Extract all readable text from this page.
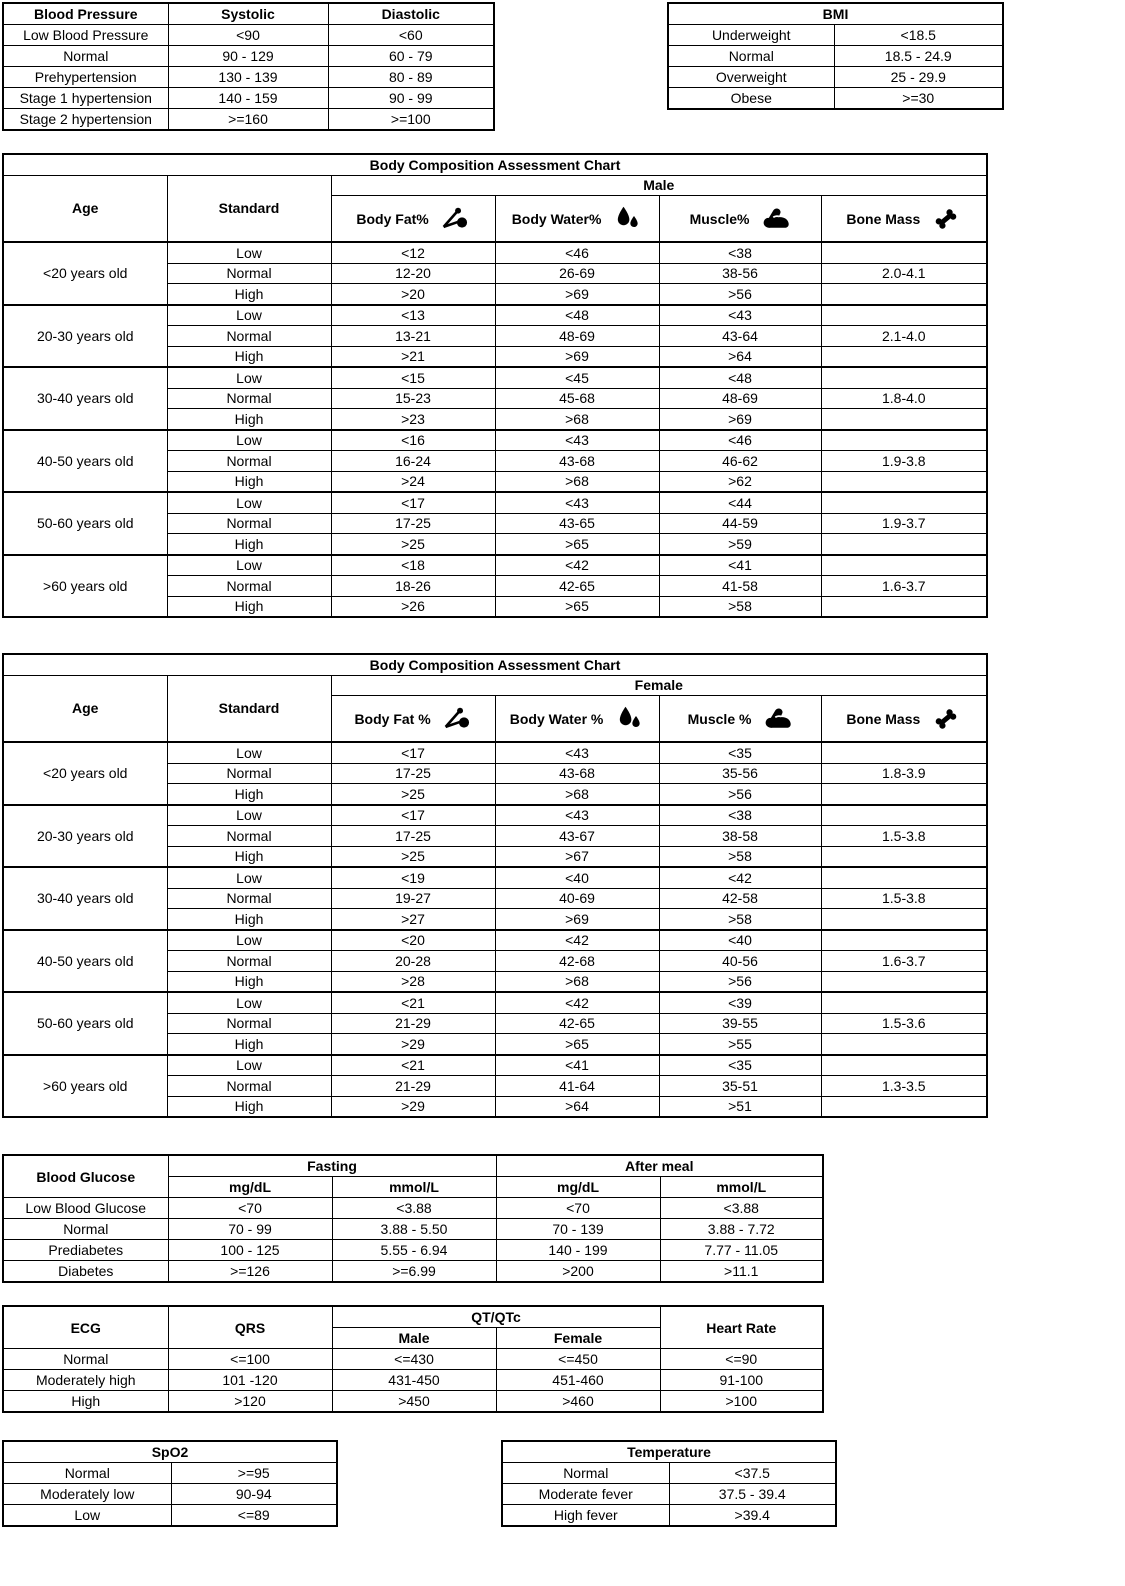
Blood Pressure	Systolic	Diastolic
Low Blood Pressure	<90	<60
Normal	90 - 129	60 - 79
Prehypertension	130 - 139	80 - 89
Stage 1 hypertension	140 - 159	90 - 99
Stage 2 hypertension	>=160	>=100
BMI	
Underweight	<18.5
Normal	18.5 - 24.9
Overweight	25 - 29.9
Obese	>=30
Body Composition Assessment Chart					
Age	Standard	Male			
		Body Fat%	Body Water%	Muscle%	Bone Mass
<20 years old	Low	<12	<46	<38	
	Normal	12-20	26-69	38-56	2.0-4.1
	High	>20	>69	>56	
20-30 years old	Low	<13	<48	<43	
	Normal	13-21	48-69	43-64	2.1-4.0
	High	>21	>69	>64	
30-40 years old	Low	<15	<45	<48	
	Normal	15-23	45-68	48-69	1.8-4.0
	High	>23	>68	>69	
40-50 years old	Low	<16	<43	<46	
	Normal	16-24	43-68	46-62	1.9-3.8
	High	>24	>68	>62	
50-60 years old	Low	<17	<43	<44	
	Normal	17-25	43-65	44-59	1.9-3.7
	High	>25	>65	>59	
>60 years old	Low	<18	<42	<41	
	Normal	18-26	42-65	41-58	1.6-3.7
	High	>26	>65	>58	
Body Composition Assessment Chart					
Age	Standard	Female			
		Body Fat %	Body Water %	Muscle %	Bone Mass
<20 years old	Low	<17	<43	<35	
	Normal	17-25	43-68	35-56	1.8-3.9
	High	>25	>68	>56	
20-30 years old	Low	<17	<43	<38	
	Normal	17-25	43-67	38-58	1.5-3.8
	High	>25	>67	>58	
30-40 years old	Low	<19	<40	<42	
	Normal	19-27	40-69	42-58	1.5-3.8
	High	>27	>69	>58	
40-50 years old	Low	<20	<42	<40	
	Normal	20-28	42-68	40-56	1.6-3.7
	High	>28	>68	>56	
50-60 years old	Low	<21	<42	<39	
	Normal	21-29	42-65	39-55	1.5-3.6
	High	>29	>65	>55	
>60 years old	Low	<21	<41	<35	
	Normal	21-29	41-64	35-51	1.3-3.5
	High	>29	>64	>51	
Blood Glucose	Fasting		After meal	
	mg/dL	mmol/L	mg/dL	mmol/L
Low Blood Glucose	<70	<3.88	<70	<3.88
Normal	70 - 99	3.88 - 5.50	70 - 139	3.88 - 7.72
Prediabetes	100 - 125	5.55 - 6.94	140 - 199	7.77 - 11.05
Diabetes	>=126	>=6.99	>200	>11.1
ECG	QRS	QT/QTc		Heart Rate
		Male	Female	
Normal	<=100	<=430	<=450	<=90
Moderately high	101 -120	431-450	451-460	91-100
High	>120	>450	>460	>100
SpO2	
Normal	>=95
Moderately low	90-94
Low	<=89
Temperature	
Normal	<37.5
Moderate fever	37.5 - 39.4
High fever	>39.4
